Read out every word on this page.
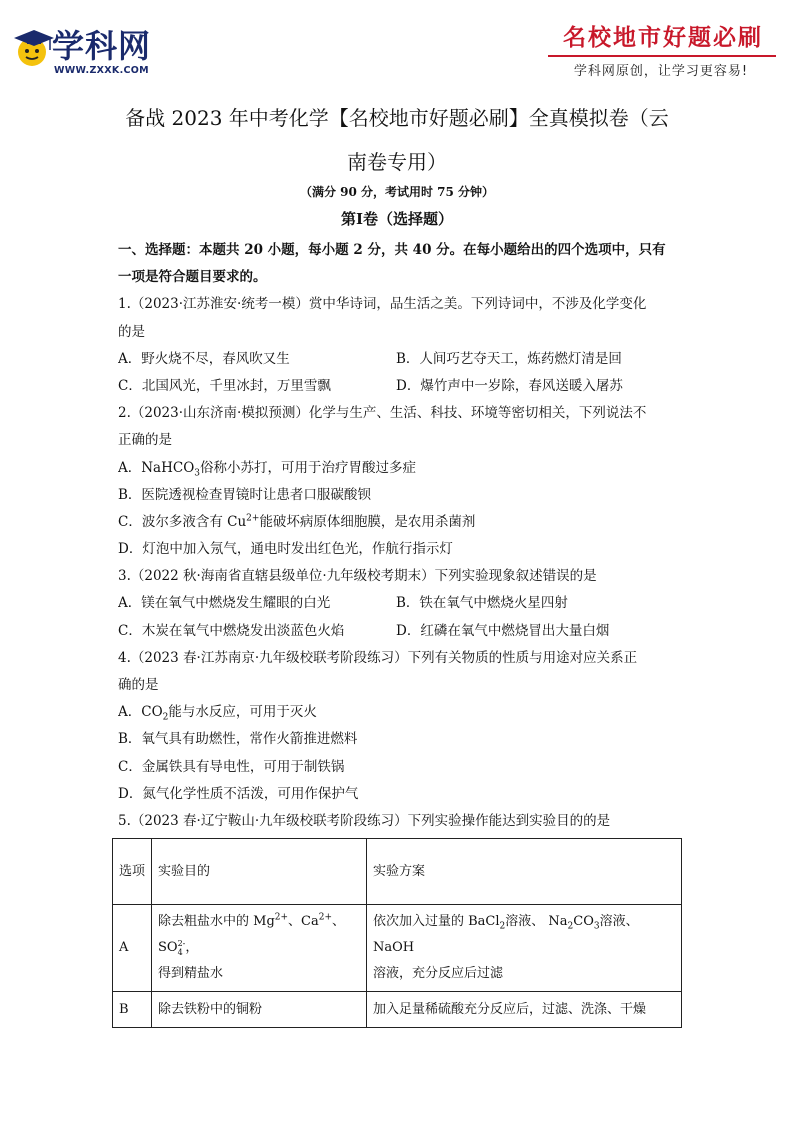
学科网
WWW.ZXXK.COM
名校地市好题必刷
学科网原创，让学习更容易!
备战 2023 年中考化学【名校地市好题必刷】全真模拟卷（云
南卷专用）
（满分 90 分，考试用时 75 分钟）
第Ⅰ卷（选择题）
一、选择题：本题共 20 小题，每小题 2 分，共 40 分。在每小题给出的四个选项中，只有
一项是符合题目要求的。
1.（2023·江苏淮安·统考一模）赏中华诗词，品生活之美。下列诗词中，不涉及化学变化
的是
A．野火烧不尽，春风吹又生	B．人间巧艺夺天工，炼药燃灯清是回
C．北国风光，千里冰封，万里雪飘	D．爆竹声中一岁除，春风送暖入屠苏
2.（2023·山东济南·模拟预测）化学与生产、生活、科技、环境等密切相关，下列说法不
正确的是
A．NaHCO$_3$俗称小苏打，可用于治疗胃酸过多症
B．医院透视检查胃镜时让患者口服碳酸钡
C．波尔多液含有 $Cu^{2+}$能破坏病原体细胞膜，是农用杀菌剂
D．灯泡中加入氖气，通电时发出红色光，作航行指示灯
3.（2022 秋·海南省直辖县级单位·九年级校考期末）下列实验现象叙述错误的是
A．镁在氧气中燃烧发生耀眼的白光	B．铁在氧气中燃烧火星四射
C．木炭在氧气中燃烧发出淡蓝色火焰	D．红磷在氧气中燃烧冒出大量白烟
4.（2023 春·江苏南京·九年级校联考阶段练习）下列有关物质的性质与用途对应关系正
确的是
A．$CO_2$能与水反应，可用于灭火
B．氧气具有助燃性，常作火箭推进燃料
C．金属铁具有导电性，可用于制铁锅
D．氮气化学性质不活泼，可用作保护气
5.（2023 春·辽宁鞍山·九年级校联考阶段练习）下列实验操作能达到实验目的的是
选项	实验目的	实验方案
A	除去粗盐水中的 $Mg^{2+}$、$Ca^{2+}$、SO 2-
4 ，
得到精盐水	依次加入过量的 BaCl$_2$溶液、 $Na_2CO_3$溶液、NaOH
溶液，充分反应后过滤
B	除去铁粉中的铜粉	加入足量稀硫酸充分反应后，过滤、洗涤、干燥
